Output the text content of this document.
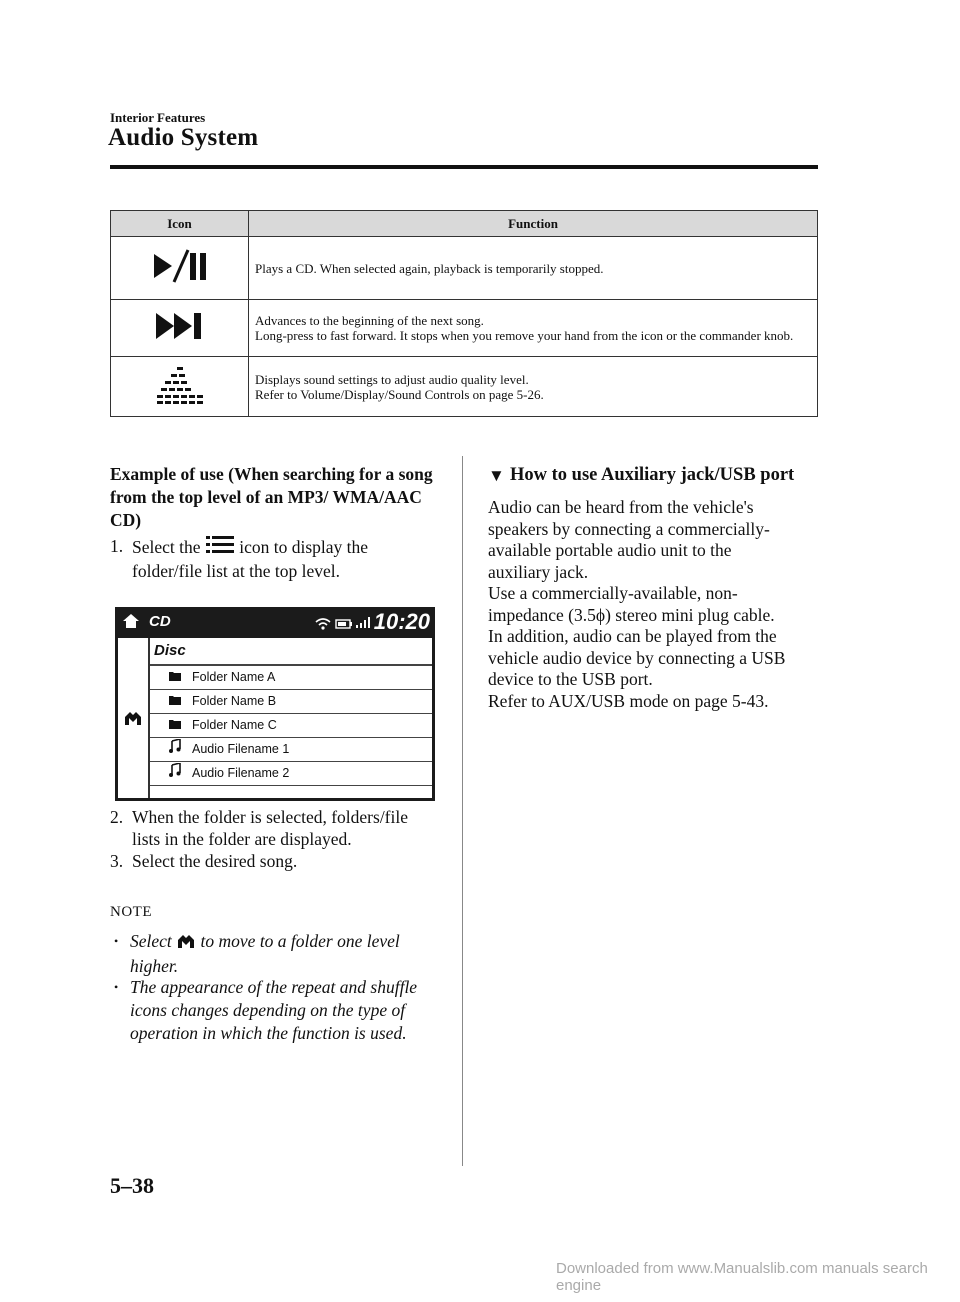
Interior Features
Audio System
Icon	Function
	Plays a CD. When selected again, playback is temporarily stopped.

Advances to the beginning of the next song.
Long-press to fast forward. It stops when you remove your hand from the icon or the commander knob.

Displays sound settings to adjust audio quality level.
Refer to Volume/Display/Sound Controls on page 5-26.
Example of use (When searching for a song from the top level of an MP3/ WMA/AAC CD)
1. Select the icon to display the folder/file list at the top level.
CD	10:20
Disc
Folder Name A
Folder Name B
Folder Name C
Audio Filename 1
Audio Filename 2
2. When the folder is selected, folders/file lists in the folder are displayed.
3. Select the desired song.
NOTE
• Select to move to a folder one level higher.
• The appearance of the repeat and shuffle icons changes depending on the type of operation in which the function is used.
▼ How to use Auxiliary jack/USB port
Audio can be heard from the vehicle's
speakers by connecting a commercially-
available portable audio unit to the
auxiliary jack.
Use a commercially-available, non-
impedance (3.5ϕ) stereo mini plug cable.
In addition, audio can be played from the
vehicle audio device by connecting a USB
device to the USB port.
Refer to AUX/USB mode on page 5-43.
5–38
Downloaded from www.Manualslib.com manuals search engine
